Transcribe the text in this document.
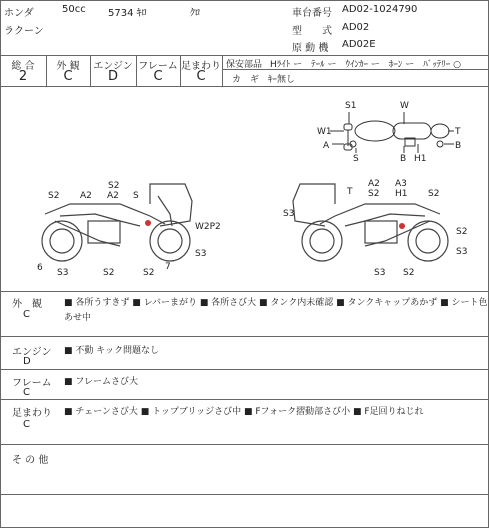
ホンダ	50cc 5734 ｷﾛ	ｸﾛ
ラクーン
車台番号 AD02-1024790
型　　式 AD02
原 動 機 AD02E
総 合	外 観	エンジン フレーム 足まわり
2	C	D	C	C
保安部品 Hﾗｲﾄ ー　ﾃｰﾙ ー　ｳｲﾝｶｰ ー　ﾎｰﾝ ー　ﾊﾞｯﾃﾘｰ ○
カ　ギ　ｷｰ無し
S1	W
W1	T
A	B
S	B H1
S2 A2
S2
A2 S
W2P2
S3
6 S3	S2	S2
7
A2 A3
T S2 H1 S2
S3
S2
S3
S3 S2
外　観
C
■ 各所うすきず ■ レバーまがり ■ 各所さび大 ■ タンク内未確認 ■ タンクキャップあかず ■ シート色
あせ中
エンジン
D
■ 不動 キック問題なし
フレーム
C
■ フレームさび大
足まわり
C
■ チェーンさび大 ■ トップブリッジさび中 ■ Fフォーク摺動部さび小 ■ F足回りねじれ
そ の 他
